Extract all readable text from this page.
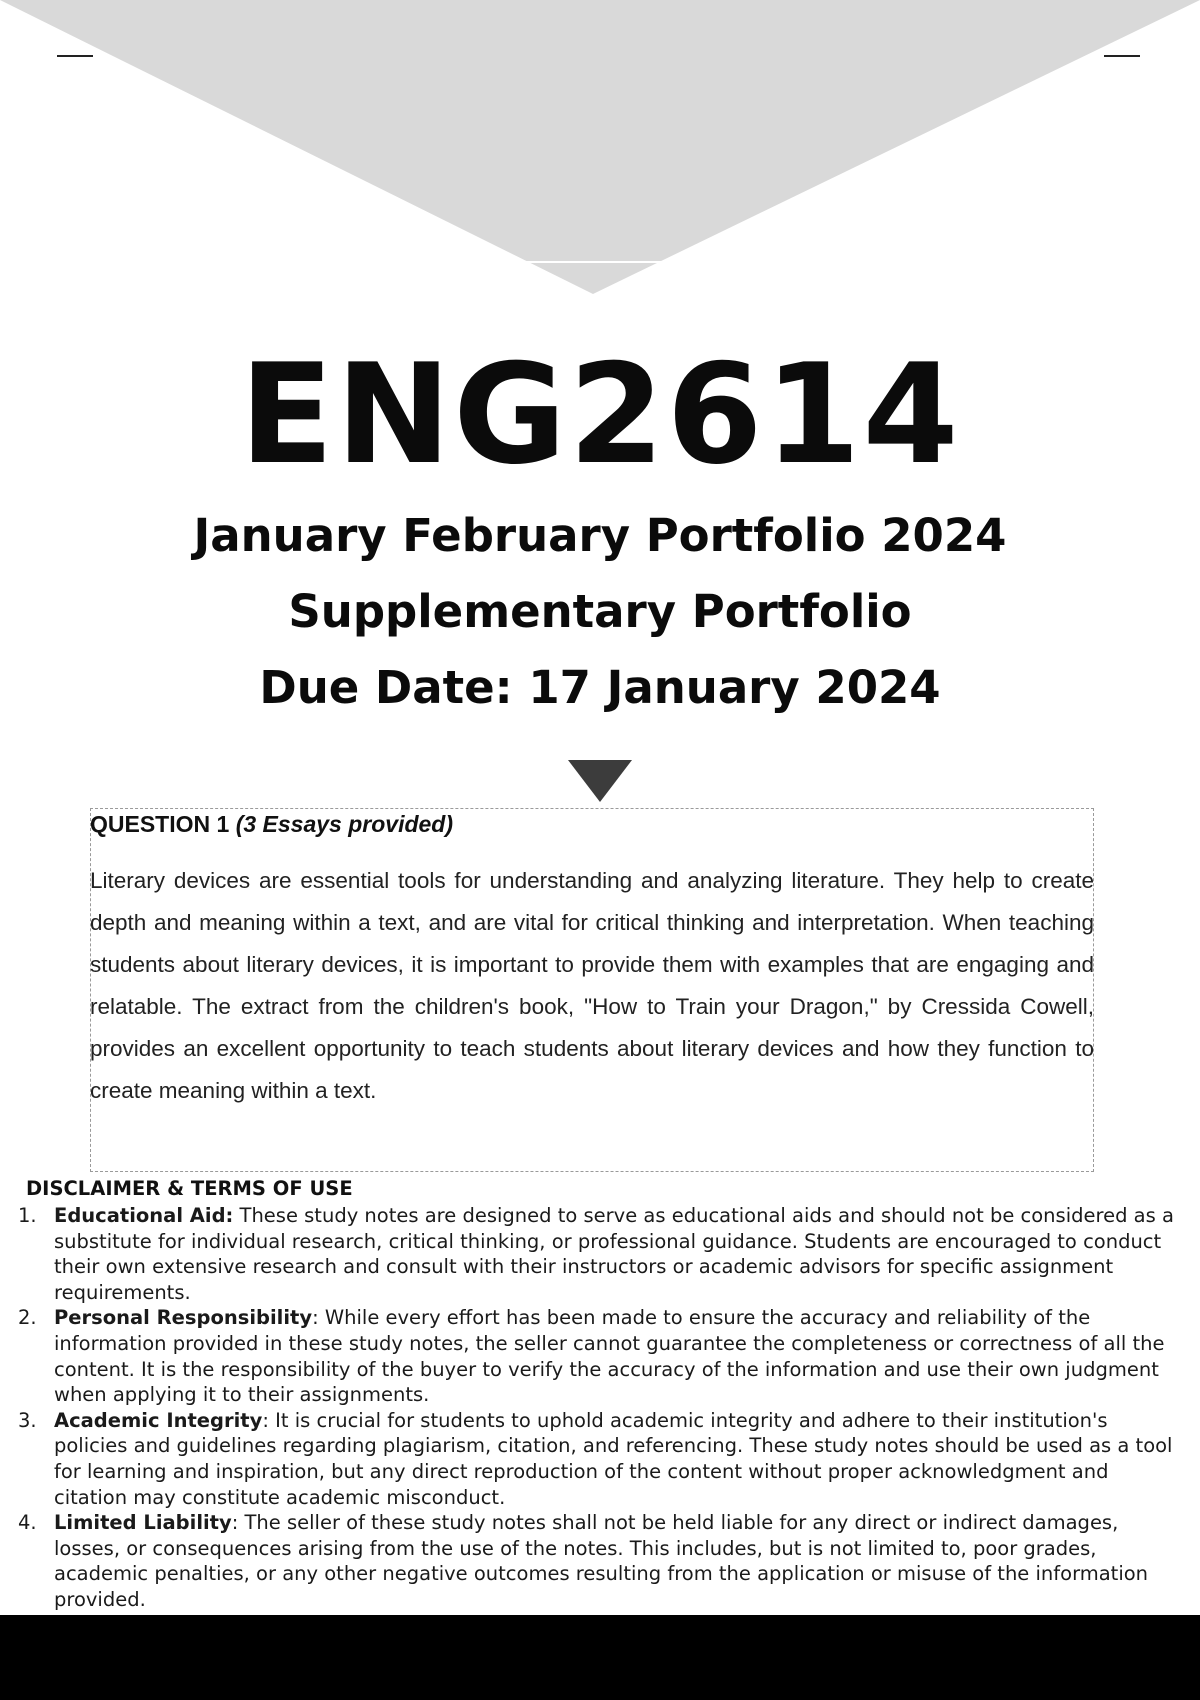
ENG2614
January February Portfolio 2024
Supplementary Portfolio
Due Date: 17 January 2024
QUESTION 1 (3 Essays provided)

Literary devices are essential tools for understanding and analyzing literature. They help to create depth and meaning within a text, and are vital for critical thinking and interpretation. When teaching students about literary devices, it is important to provide them with examples that are engaging and relatable. The extract from the children's book, "How to Train your Dragon," by Cressida Cowell, provides an excellent opportunity to teach students about literary devices and how they function to create meaning within a text.

DISCLAIMER & TERMS OF USE
1. Educational Aid: These study notes are designed to serve as educational aids and should not be considered as a substitute for individual research, critical thinking, or professional guidance. Students are encouraged to conduct their own extensive research and consult with their instructors or academic advisors for specific assignment requirements.
2. Personal Responsibility: While every effort has been made to ensure the accuracy and reliability of the information provided in these study notes, the seller cannot guarantee the completeness or correctness of all the content. It is the responsibility of the buyer to verify the accuracy of the information and use their own judgment when applying it to their assignments.
3. Academic Integrity: It is crucial for students to uphold academic integrity and adhere to their institution's policies and guidelines regarding plagiarism, citation, and referencing. These study notes should be used as a tool for learning and inspiration, but any direct reproduction of the content without proper acknowledgment and citation may constitute academic misconduct.
4. Limited Liability: The seller of these study notes shall not be held liable for any direct or indirect damages, losses, or consequences arising from the use of the notes. This includes, but is not limited to, poor grades, academic penalties, or any other negative outcomes resulting from the application or misuse of the information provided.
